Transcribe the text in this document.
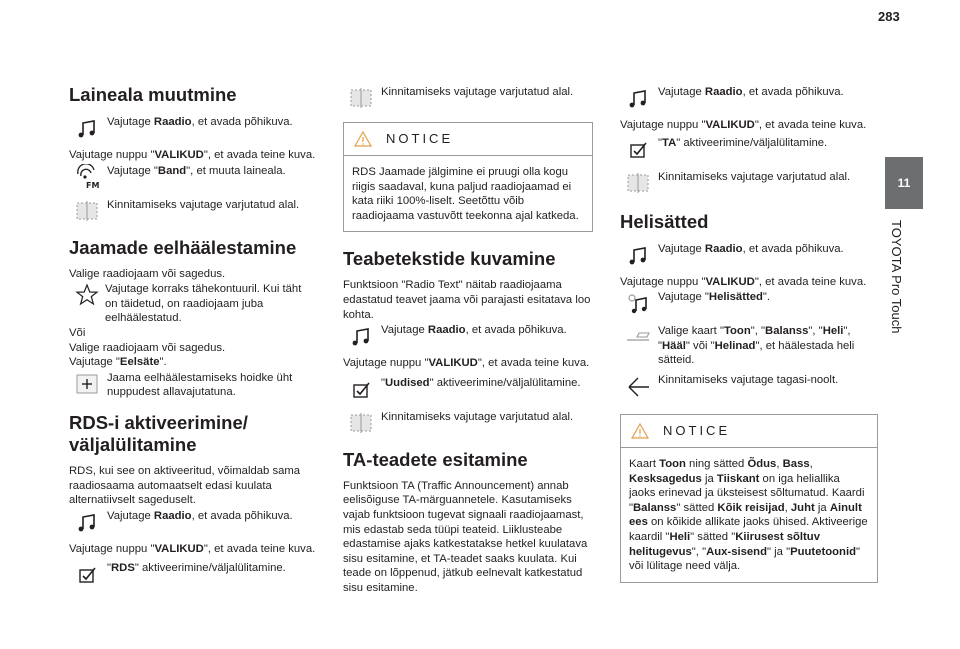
283
11
TOYOTA Pro Touch
Laineala muutmine
Vajutage Raadio, et avada põhikuva.

Vajutage nuppu "VALIKUD", et avada teine kuva.

FM
Vajutage "Band", et muuta laineala.
Kinnitamiseks vajutage varjutatud alal.
Jaamade eelhäälestamine

Valige raadiojaam või sagedus.

Vajutage korraks tähekontuuril. Kui täht on täidetud, on raadiojaam juba eelhäälestatud.

Või

Valige raadiojaam või sagedus.

Vajutage "Eelsäte".

Jaama eelhäälestamiseks hoidke üht nuppudest allavajutatuna.
RDS-i aktiveerimine/ väljalülitamine

RDS, kui see on aktiveeritud, võimaldab sama raadiosaama automaatselt edasi kuulata alternatiivselt sageduselt.

Vajutage Raadio, et avada põhikuva.

Vajutage nuppu "VALIKUD", et avada teine kuva.

"RDS" aktiveerimine/väljalülitamine.
Kinnitamiseks vajutage varjutatud alal.
NOTICE
RDS Jaamade jälgimine ei pruugi olla kogu riigis saadaval, kuna paljud raadiojaamad ei kata riiki 100%-liselt. Seetõttu võib raadiojaama vastuvõtt teekonna ajal katkeda.
Teabetekstide kuvamine

Funktsioon "Radio Text" näitab raadiojaama edastatud teavet jaama või parajasti esitatava loo kohta.

Vajutage Raadio, et avada põhikuva.

Vajutage nuppu "VALIKUD", et avada teine kuva.

"Uudised" aktiveerimine/väljalülitamine.
Kinnitamiseks vajutage varjutatud alal.
TA-teadete esitamine

Funktsioon TA (Traffic Announcement) annab eelisõiguse TA-märguannetele. Kasutamiseks vajab funktsioon tugevat signaali raadiojaamast, mis edastab seda tüüpi teateid. Liiklusteabe edastamise ajaks katkestatakse hetkel kuulatava sisu esitamine, et TA-teadet saaks kuulata. Kui teade on lõppenud, jätkub eelnevalt katkestatud sisu esitamine.

Vajutage Raadio, et avada põhikuva.

Vajutage nuppu "VALIKUD", et avada teine kuva.

"TA" aktiveerimine/väljalülitamine.
Kinnitamiseks vajutage varjutatud alal.
Helisätted
Vajutage Raadio, et avada põhikuva.

Vajutage nuppu "VALIKUD", et avada teine kuva.

Vajutage "Helisätted".
Valige kaart "Toon", "Balanss", "Heli", "Hääl" või "Helinad", et häälestada heli sätteid.
Kinnitamiseks vajutage tagasi-noolt.
NOTICE
Kaart Toon ning sätted Õdus, Bass, Kesksagedus ja Tiiskant on iga heliallika jaoks erinevad ja üksteisest sõltumatud. Kaardi "Balanss" sätted Kõik reisijad, Juht ja Ainult ees on kõikide allikate jaoks ühised. Aktiveerige kaardil "Heli" sätted "Kiirusest sõltuv helitugevus", "Aux-sisend" ja "Puutetoonid" või lülitage need välja.
